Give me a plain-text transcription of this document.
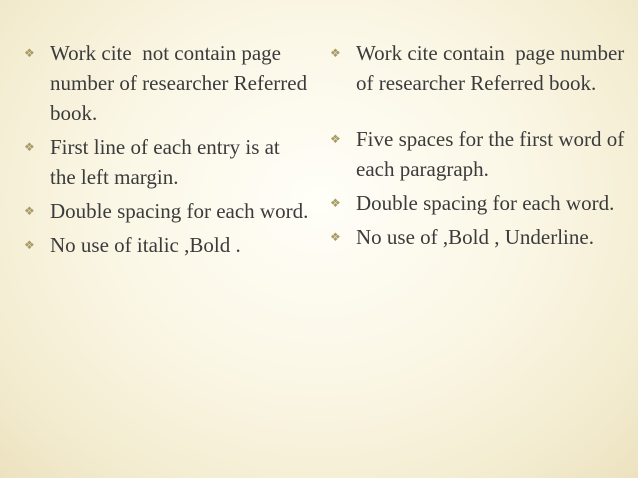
❖ Work cite  not contain page number of researcher Referred book.
❖ First line of each entry is at the left margin.
❖ Double spacing for each word.
❖ No use of italic ,Bold .
❖ Work cite contain  page number of researcher Referred book.
❖ Five spaces for the first word of each paragraph.
❖ Double spacing for each word.
❖ No use of ,Bold , Underline.
